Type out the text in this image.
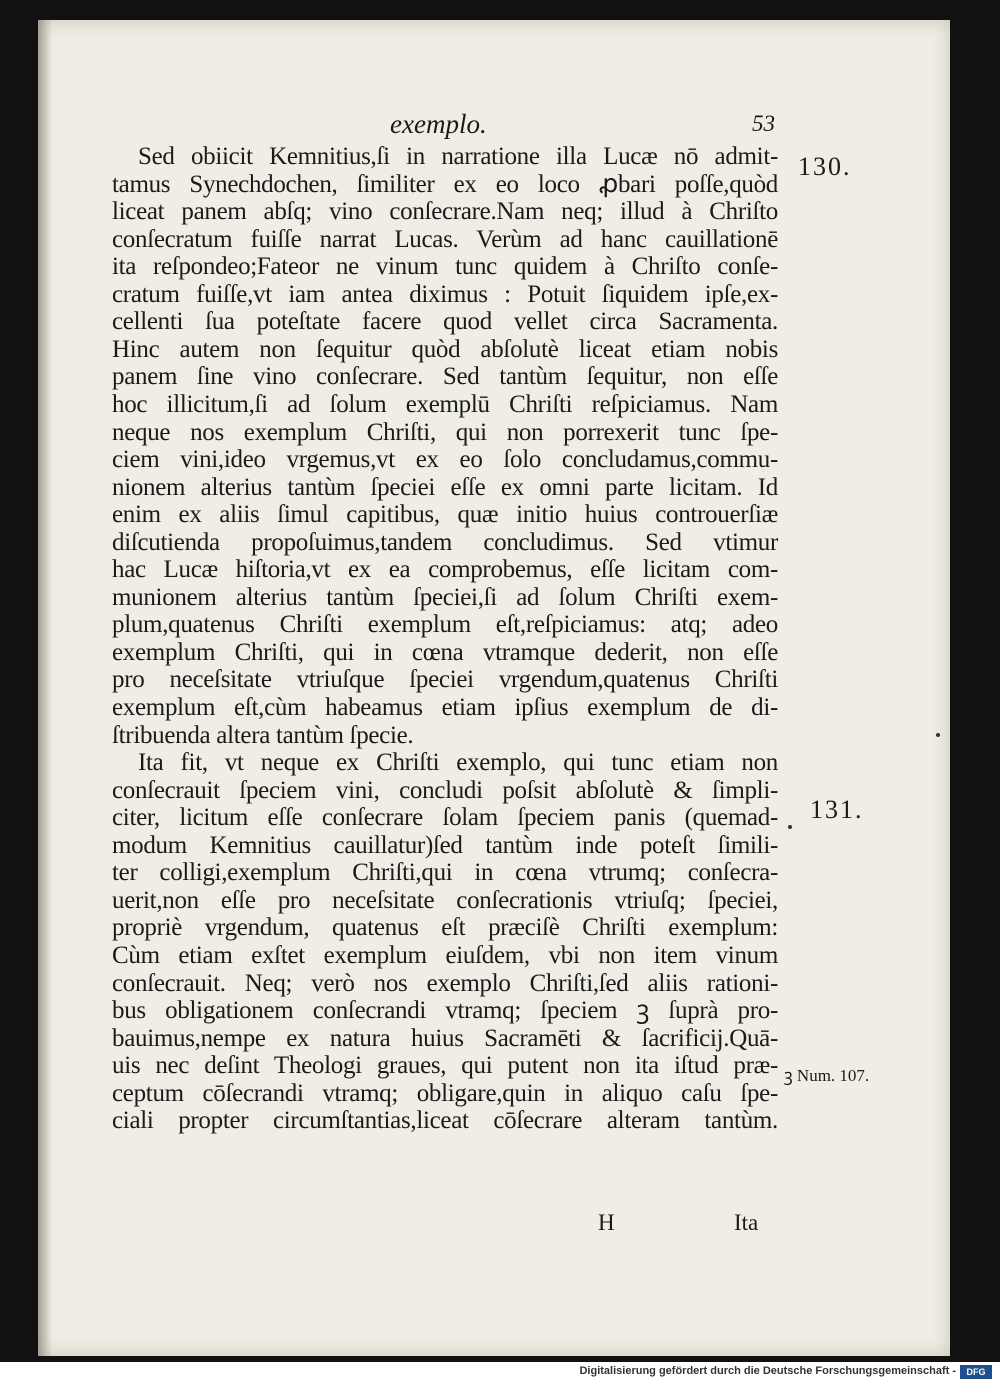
exemplo.	53
130.
131.
ꝫ Num. 107.
Sed obiicit Kemnitius,ſi in narratione illa Lucæ nō admit-
tamus Synechdochen, ſimiliter ex eo loco ꝓbari poſſe,quòd
liceat panem abſq; vino conſecrare.Nam neq; illud à Chriſto
conſecratum fuiſſe narrat Lucas. Verùm ad hanc cauillationē
ita reſpondeo;Fateor ne vinum tunc quidem à Chriſto conſe-
cratum fuiſſe,vt iam antea diximus : Potuit ſiquidem ipſe,ex-
cellenti ſua poteſtate facere quod vellet circa Sacramenta.
Hinc autem non ſequitur quòd abſolutè liceat etiam nobis
panem ſine vino conſecrare. Sed tantùm ſequitur, non eſſe
hoc illicitum,ſi ad ſolum exemplū Chriſti reſpiciamus. Nam
neque nos exemplum Chriſti, qui non porrexerit tunc ſpe-
ciem vini,ideo vrgemus,vt ex eo ſolo concludamus,commu-
nionem alterius tantùm ſpeciei eſſe ex omni parte licitam. Id
enim ex aliis ſimul capitibus, quæ initio huius controuerſiæ
diſcutienda propoſuimus,tandem concludimus. Sed vtimur
hac Lucæ hiſtoria,vt ex ea comprobemus, eſſe licitam com-
munionem alterius tantùm ſpeciei,ſi ad ſolum Chriſti exem-
plum,quatenus Chriſti exemplum eſt,reſpiciamus: atq; adeo
exemplum Chriſti, qui in cœna vtramque dederit, non eſſe
pro neceſsitate vtriuſque ſpeciei vrgendum,quatenus Chriſti
exemplum eſt,cùm habeamus etiam ipſius exemplum de di-
ſtribuenda altera tantùm ſpecie.
Ita fit, vt neque ex Chriſti exemplo, qui tunc etiam non
conſecrauit ſpeciem vini, concludi poſsit abſolutè & ſimpli-
citer, licitum eſſe conſecrare ſolam ſpeciem panis (quemad-
modum Kemnitius cauillatur)ſed tantùm inde poteſt ſimili-
ter colligi,exemplum Chriſti,qui in cœna vtrumq; conſecra-
uerit,non eſſe pro neceſsitate conſecrationis vtriuſq; ſpeciei,
propriè vrgendum, quatenus eſt præciſè Chriſti exemplum:
Cùm etiam exſtet exemplum eiuſdem, vbi non item vinum
conſecrauit. Neq; verò nos exemplo Chriſti,ſed aliis rationi-
bus obligationem conſecrandi vtramq; ſpeciem ꝫ ſuprà pro-
bauimus,nempe ex natura huius Sacramēti & ſacrificij.Quā-
uis nec deſint Theologi graues, qui putent non ita iſtud præ-
ceptum cōſecrandi vtramq; obligare,quin in aliquo caſu ſpe-
ciali propter circumſtantias,liceat cōſecrare alteram tantùm.
H	Ita
Digitalisierung gefördert durch die Deutsche Forschungsgemeinschaft -	DFG
